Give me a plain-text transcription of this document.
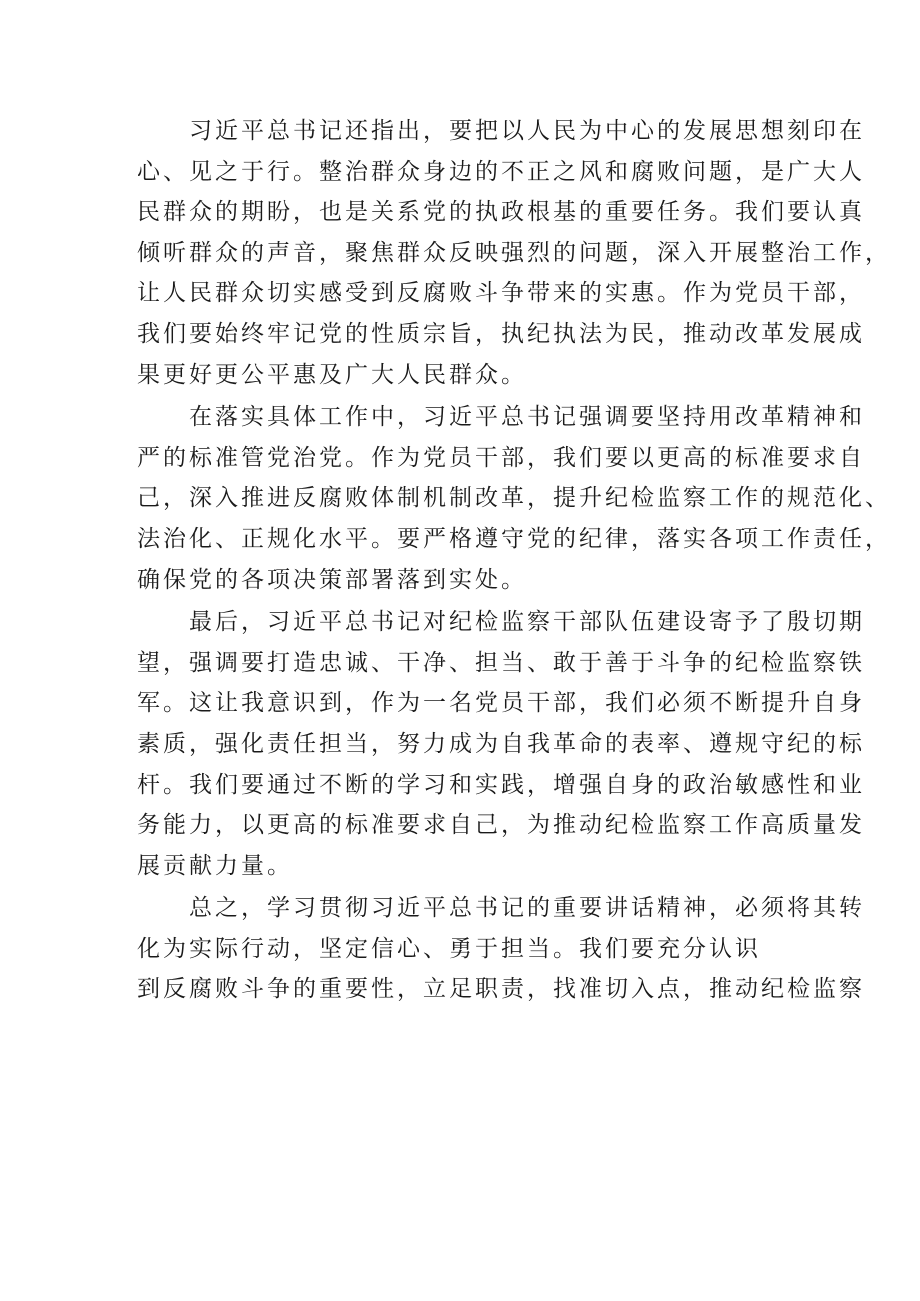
习近平总书记还指出，要把以人民为中心的发展思想刻印在
心、见之于行。整治群众身边的不正之风和腐败问题，是广大人
民群众的期盼，也是关系党的执政根基的重要任务。我们要认真
倾听群众的声音，聚焦群众反映强烈的问题，深入开展整治工作，
让人民群众切实感受到反腐败斗争带来的实惠。作为党员干部，
我们要始终牢记党的性质宗旨，执纪执法为民，推动改革发展成
果更好更公平惠及广大人民群众。
在落实具体工作中，习近平总书记强调要坚持用改革精神和
严的标准管党治党。作为党员干部，我们要以更高的标准要求自
己，深入推进反腐败体制机制改革，提升纪检监察工作的规范化、
法治化、正规化水平。要严格遵守党的纪律，落实各项工作责任，
确保党的各项决策部署落到实处。
最后，习近平总书记对纪检监察干部队伍建设寄予了殷切期
望，强调要打造忠诚、干净、担当、敢于善于斗争的纪检监察铁
军。这让我意识到，作为一名党员干部，我们必须不断提升自身
素质，强化责任担当，努力成为自我革命的表率、遵规守纪的标
杆。我们要通过不断的学习和实践，增强自身的政治敏感性和业
务能力，以更高的标准要求自己，为推动纪检监察工作高质量发
展贡献力量。
总之，学习贯彻习近平总书记的重要讲话精神，必须将其转
化为实际行动，坚定信心、勇于担当。我们要充分认识
到反腐败斗争的重要性，立足职责，找准切入点，推动纪检监察
